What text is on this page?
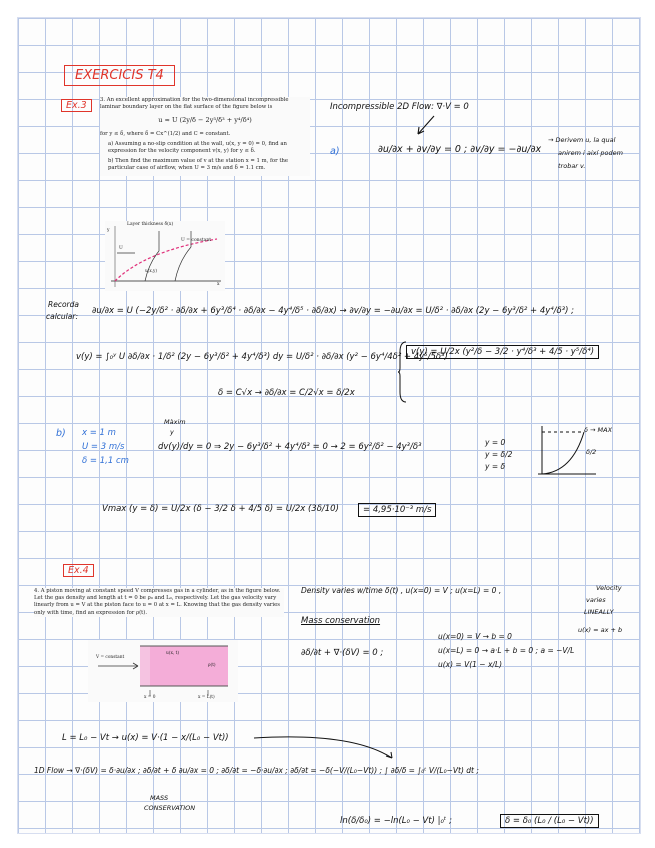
EXERCICIS T4
Ex.3	3. An excellent approximation for the two-dimensional incompressible laminar boundary layer on the flat surface of the figure below is

u ≈ U (2y/δ − 2y³/δ³ + y⁴/δ⁴)

for y ≤ δ, where δ = Cx^(1/2) and C = constant.

a) Assuming a no-slip condition at the wall, u(x, y = 0) = 0, find an expression for the velocity component v(x, y) for y ≤ δ.

b) Then find the maximum value of v at the station x = 1 m, for the particular case of airflow, when U = 3 m/s and δ = 1.1 cm.

Layer thickness δ(x)
U = constant
U
u(x,y)
x
y
Incompressible 2D Flow: ∇·V = 0
a)	∂u/∂x + ∂v/∂y = 0 ; ∂v/∂y = −∂u/∂x
→ Derivem u, la qual
anirem i així podem
trobar v.
Recorda
calcular:
∂u/∂x = U (−2y/δ² · ∂δ/∂x + 6y³/δ⁴ · ∂δ/∂x − 4y⁴/δ⁵ · ∂δ/∂x) → ∂v/∂y = −∂u/∂x = U/δ² · ∂δ/∂x (2y − 6y³/δ² + 4y⁴/δ³) ;
v(y) = ∫₀ʸ U ∂δ/∂x · 1/δ² (2y − 6y³/δ² + 4y⁴/δ³) dy = U/δ² · ∂δ/∂x (y² − 6y⁴/4δ² + 4y⁵/5δ³)
v(y) = U/2x (y²/δ − 3/2 · y⁴/δ³ + 4/5 · y⁵/δ⁴)
δ = C√x → ∂δ/∂x = C/2√x = δ/2x
b) x = 1 m
U = 3 m/s
δ = 1,1 cm
Màxim
y
dv(y)/dy = 0 ⇒ 2y − 6y³/δ² + 4y⁴/δ³ = 0 → 2 = 6y²/δ² − 4y³/δ³	y = 0
y = δ/2
y = δ
δ → MAX
δ/2
Vmax (y = δ) = U/2x (δ − 3/2 δ + 4/5 δ) = U/2x (3δ/10)	= 4,95·10⁻³ m/s
Ex.4
4. A piston moving at constant speed V compresses gas in a cylinder, as in the figure below. Let the gas density and length at t = 0 be ρ₀ and L₀, respectively. Let the gas velocity vary linearly from u = V at the piston face to u = 0 at x = L. Knowing that the gas density varies only with time, find an expression for ρ(t).
V = constant
u(x, t)
ρ(t)
x = 0	x = L(t)
Density varies w/time δ(t) , u(x=0) = V ; u(x=L) = 0 ,	Velocity
varies
LINEALLY
u(x) = ax + b
Mass conservation
∂δ/∂t + ∇·(δV) = 0 ;
u(x=0) = V → b = 0
u(x=L) = 0 → a·L + b = 0 ; a = −V/L
u(x) = V(1 − x/L)
L = L₀ − Vt → u(x) = V·(1 − x/(L₀ − Vt))
1D Flow → ∇·(δV) = δ·∂u/∂x ; ∂δ/∂t + δ ∂u/∂x = 0 ; ∂δ/∂t = −δ·∂u/∂x ; ∂δ/∂t = −δ(−V/(L₀−Vt)) ; ∫ ∂δ/δ = ∫₀ᵗ V/(L₀−Vt) dt ;
MASS
CONSERVATION
ln(δ/δ₀) = −ln(L₀ − Vt) |₀ᵗ ;	δ = δ₀ (L₀ / (L₀ − Vt))
